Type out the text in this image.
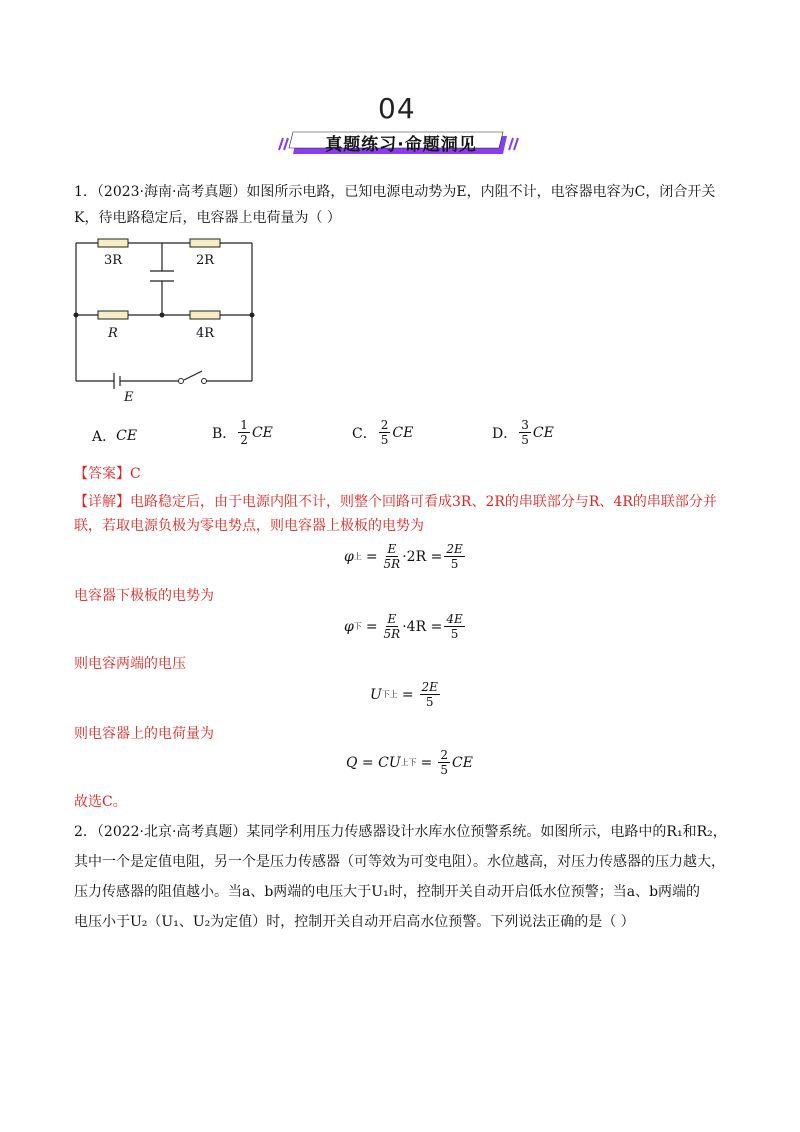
04
真题练习·命题洞见
1．（2023·海南·高考真题）如图所示电路，已知电源电动势为E，内阻不计，电容器电容为C，闭合开关
K，待电路稳定后，电容器上电荷量为（ ）
3R	2R
R	4R
E
A． CE	B． $\frac{1}{2}$ CE	C． $\frac{2}{5}$ CE	D． $\frac{3}{5}$ CE
【答案】C
【详解】电路稳定后，由于电源内阻不计，则整个回路可看成3R、2R的串联部分与R、4R的串联部分并
联，若取电源负极为零电势点，则电容器上极板的电势为
φ 上 = $\frac{E}{5R} \cdot 2R = \frac{2E}{5}$
电容器下极板的电势为
φ 下 = $\frac{E}{5R} \cdot 4R = \frac{4E}{5}$
则电容两端的电压
U 下上 = $\frac{2E}{5}$
则电容器上的电荷量为
Q = CU 上下 = $\frac{2}{5}$ CE
故选C。
2．（2022·北京·高考真题）某同学利用压力传感器设计水库水位预警系统。如图所示，电路中的R₁和R₂，
其中一个是定值电阻，另一个是压力传感器（可等效为可变电阻）。水位越高，对压力传感器的压力越大，
压力传感器的阻值越小。当a、b两端的电压大于U₁时，控制开关自动开启低水位预警；当a、b两端的
电压小于U₂（U₁、U₂为定值）时，控制开关自动开启高水位预警。下列说法正确的是（ ）
